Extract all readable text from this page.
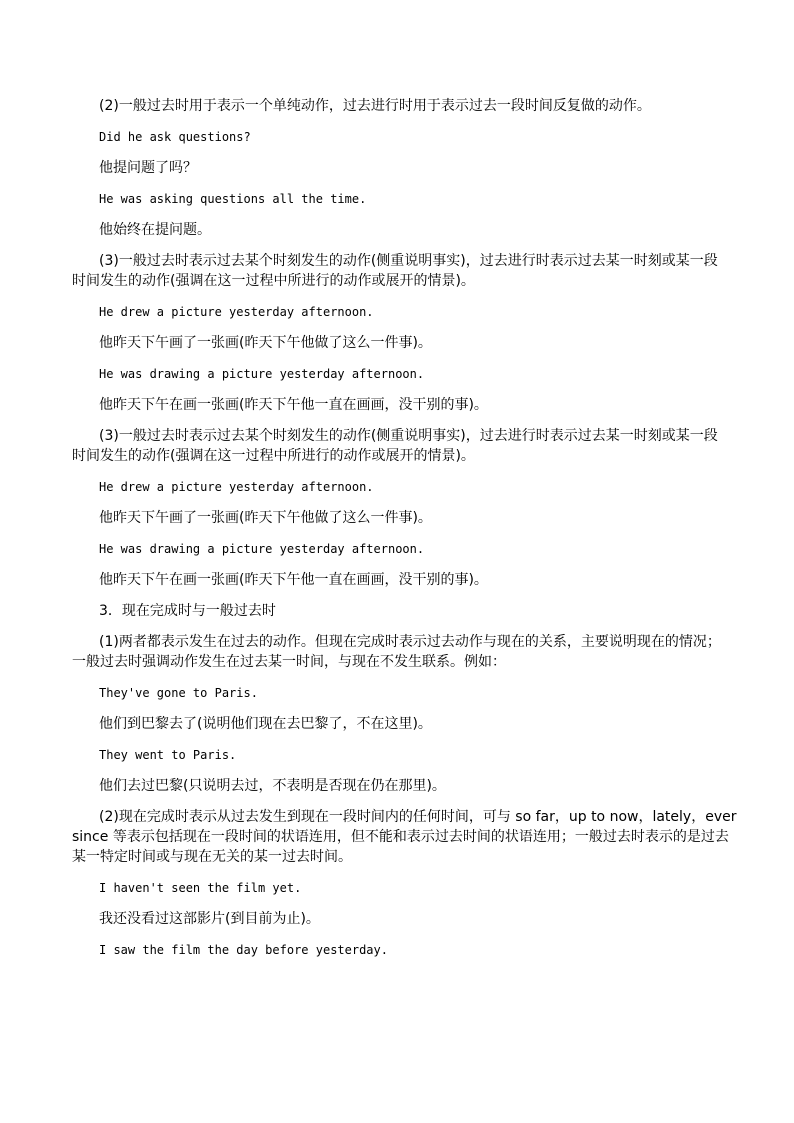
(2)一般过去时用于表示一个单纯动作，过去进行时用于表示过去一段时间反复做的动作。

Did he ask questions?

他提问题了吗？

He was asking questions all the time.

他始终在提问题。

(3)一般过去时表示过去某个时刻发生的动作(侧重说明事实)，过去进行时表示过去某一时刻或某一段

时间发生的动作(强调在这一过程中所进行的动作或展开的情景)。

He drew a picture yesterday afternoon.

他昨天下午画了一张画(昨天下午他做了这么一件事)。

He was drawing a picture yesterday afternoon.

他昨天下午在画一张画(昨天下午他一直在画画，没干别的事)。

(3)一般过去时表示过去某个时刻发生的动作(侧重说明事实)，过去进行时表示过去某一时刻或某一段

时间发生的动作(强调在这一过程中所进行的动作或展开的情景)。

He drew a picture yesterday afternoon.

他昨天下午画了一张画(昨天下午他做了这么一件事)。

He was drawing a picture yesterday afternoon.

他昨天下午在画一张画(昨天下午他一直在画画，没干别的事)。

3．现在完成时与一般过去时

(1)两者都表示发生在过去的动作。但现在完成时表示过去动作与现在的关系，主要说明现在的情况；

一般过去时强调动作发生在过去某一时间，与现在不发生联系。例如：

They've gone to Paris.

他们到巴黎去了(说明他们现在去巴黎了，不在这里)。

They went to Paris.

他们去过巴黎(只说明去过，不表明是否现在仍在那里)。

(2)现在完成时表示从过去发生到现在一段时间内的任何时间，可与 so far，up to now，lately，ever

since 等表示包括现在一段时间的状语连用，但不能和表示过去时间的状语连用；一般过去时表示的是过去

某一特定时间或与现在无关的某一过去时间。

I haven't seen the film yet.

我还没看过这部影片(到目前为止)。

I saw the film the day before yesterday.
